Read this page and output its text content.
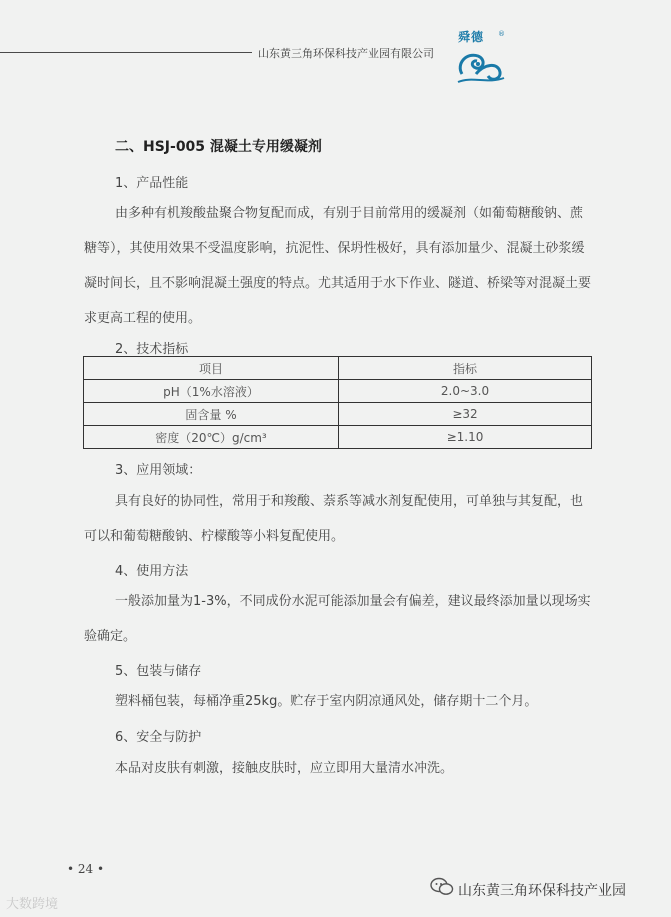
山东黄三角环保科技产业园有限公司
舜德 ®
二、HSJ-005 混凝土专用缓凝剂
1、产品性能

由多种有机羧酸盐聚合物复配而成，有别于目前常用的缓凝剂（如葡萄糖酸钠、蔗糖等），其使用效果不受温度影响，抗泥性、保坍性极好，具有添加量少、混凝土砂浆缓凝时间长，且不影响混凝土强度的特点。尤其适用于水下作业、隧道、桥梁等对混凝土要求更高工程的使用。

2、技术指标
项目	指标
pH（1%水溶液）	2.0~3.0
固含量 %	≥32
密度（20℃）g/cm³	≥1.10
3、应用领域：

具有良好的协同性，常用于和羧酸、萘系等减水剂复配使用，可单独与其复配，也可以和葡萄糖酸钠、柠檬酸等小料复配使用。

4、使用方法

一般添加量为1-3%，不同成份水泥可能添加量会有偏差，建议最终添加量以现场实验确定。

5、包装与储存

塑料桶包装，每桶净重25kg。贮存于室内阴凉通风处，储存期十二个月。

6、安全与防护

本品对皮肤有刺激，接触皮肤时，应立即用大量清水冲洗。

• 24 •
大数跨境
山东黄三角环保科技产业园
